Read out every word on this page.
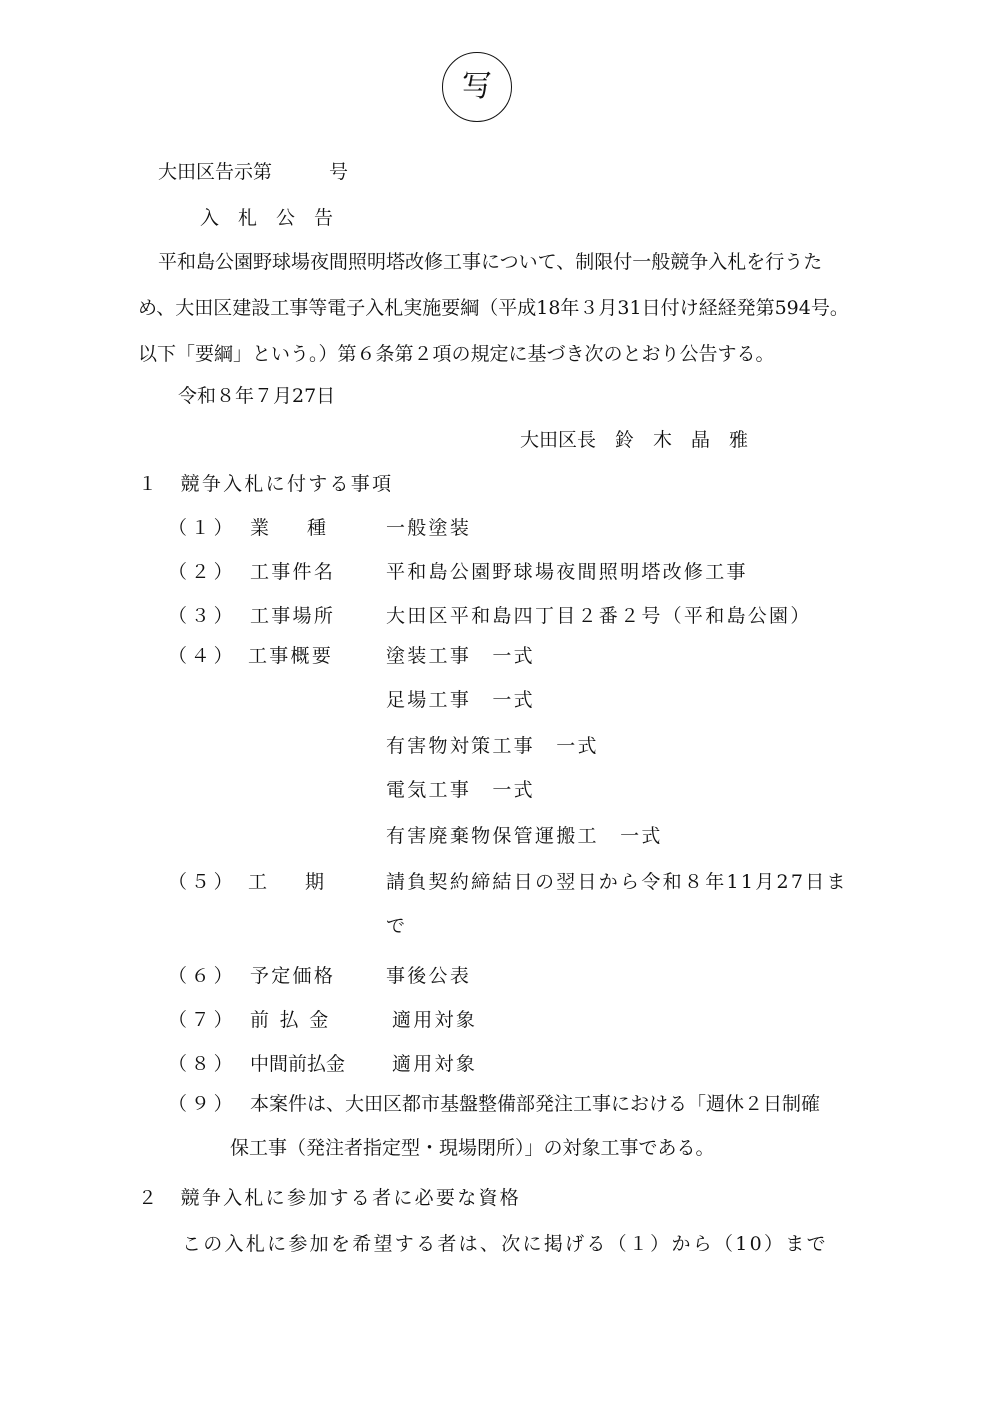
写
大田区告示第　　　号
入　札　公　告
平和島公園野球場夜間照明塔改修工事について、制限付一般競争入札を行うた
め、大田区建設工事等電子入札実施要綱（平成18年３月31日付け経経発第594号。
以下「要綱」という。）第６条第２項の規定に基づき次のとおり公告する。
令和８年７月27日
大田区長　鈴　木　晶　雅
１　競争入札に付する事項
（１） 業　　種	一般塗装
（２） 工事件名	平和島公園野球場夜間照明塔改修工事
（３） 工事場所	大田区平和島四丁目２番２号（平和島公園）
（４） 工事概要	塗装工事　一式
足場工事　一式
有害物対策工事　一式
電気工事　一式
有害廃棄物保管運搬工　一式
（５） 工　　期	請負契約締結日の翌日から令和８年11月27日ま
で
（６） 予定価格	事後公表
（７） 前 払 金	適用対象
（８） 中間前払金 適用対象
（９） 本案件は、大田区都市基盤整備部発注工事における「週休２日制確
保工事（発注者指定型・現場閉所）」の対象工事である。
２　競争入札に参加する者に必要な資格
この入札に参加を希望する者は、次に掲げる（１）から（10）まで
